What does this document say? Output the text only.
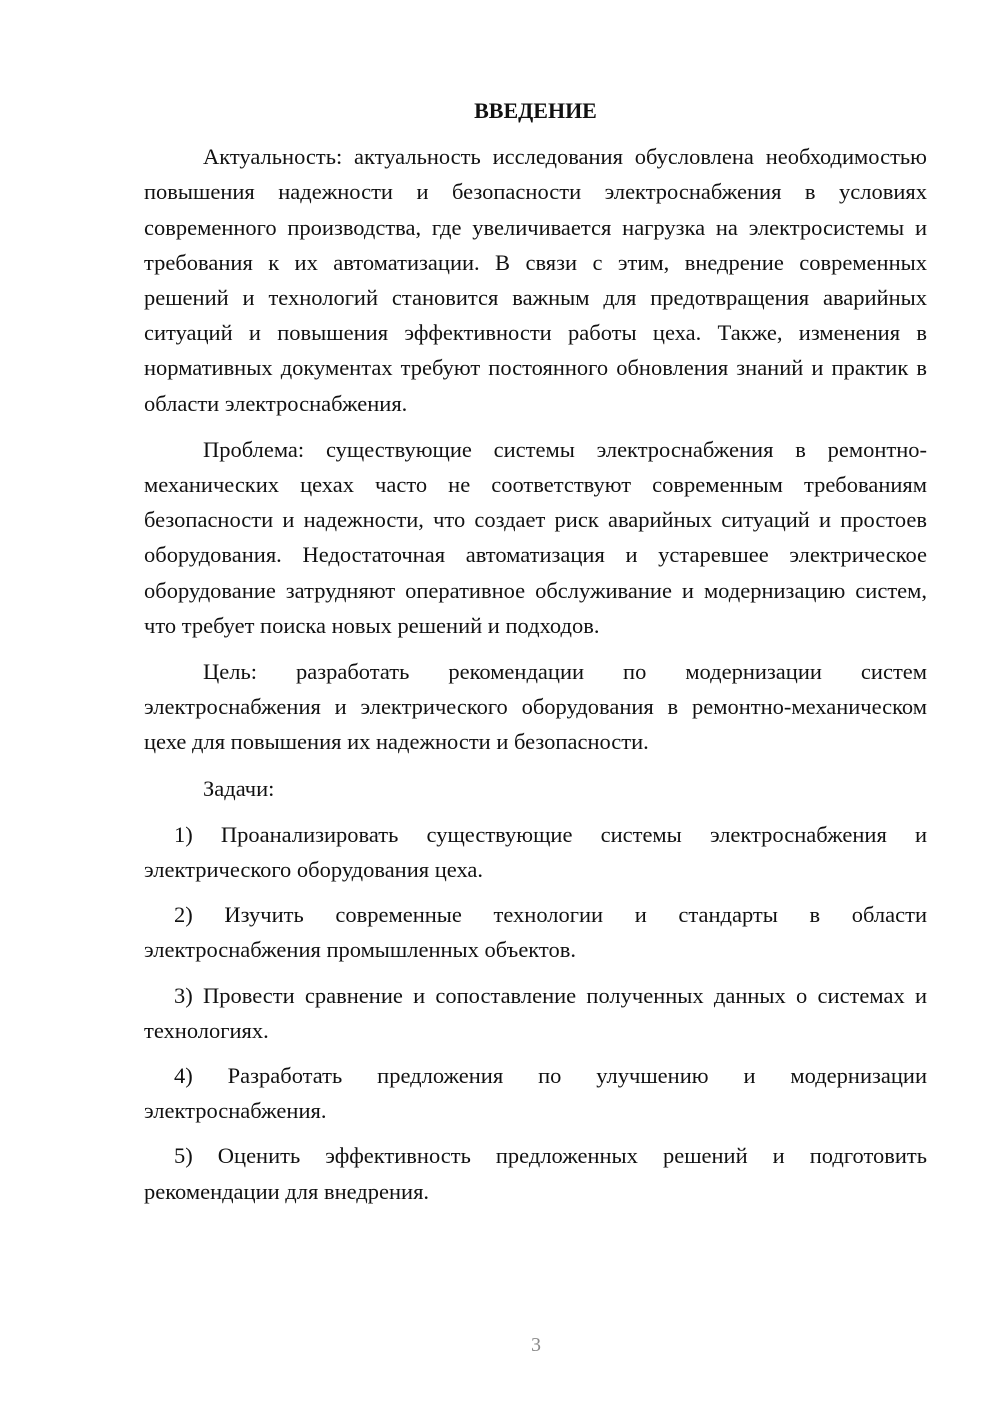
ВВЕДЕНИЕ

Актуальность: актуальность исследования обусловлена необходимостью повышения надежности и безопасности электроснабжения в условиях современного производства, где увеличивается нагрузка на электросистемы и требования к их автоматизации. В связи с этим, внедрение современных решений и технологий становится важным для предотвращения аварийных ситуаций и повышения эффективности работы цеха. Также, изменения в нормативных документах требуют постоянного обновления знаний и практик в области электроснабжения.

Проблема: существующие системы электроснабжения в ремонтно-механических цехах часто не соответствуют современным требованиям безопасности и надежности, что создает риск аварийных ситуаций и простоев оборудования. Недостаточная автоматизация и устаревшее электрическое оборудование затрудняют оперативное обслуживание и модернизацию систем, что требует поиска новых решений и подходов.

Цель: разработать рекомендации по модернизации систем электроснабжения и электрического оборудования в ремонтно-механическом цехе для повышения их надежности и безопасности.

Задачи:

1) Проанализировать существующие системы электроснабжения и электрического оборудования цеха.

2) Изучить современные технологии и стандарты в области электроснабжения промышленных объектов.

3) Провести сравнение и сопоставление полученных данных о системах и технологиях.

4) Разработать предложения по улучшению и модернизации электроснабжения.

5) Оценить эффективность предложенных решений и подготовить рекомендации для внедрения.

3
